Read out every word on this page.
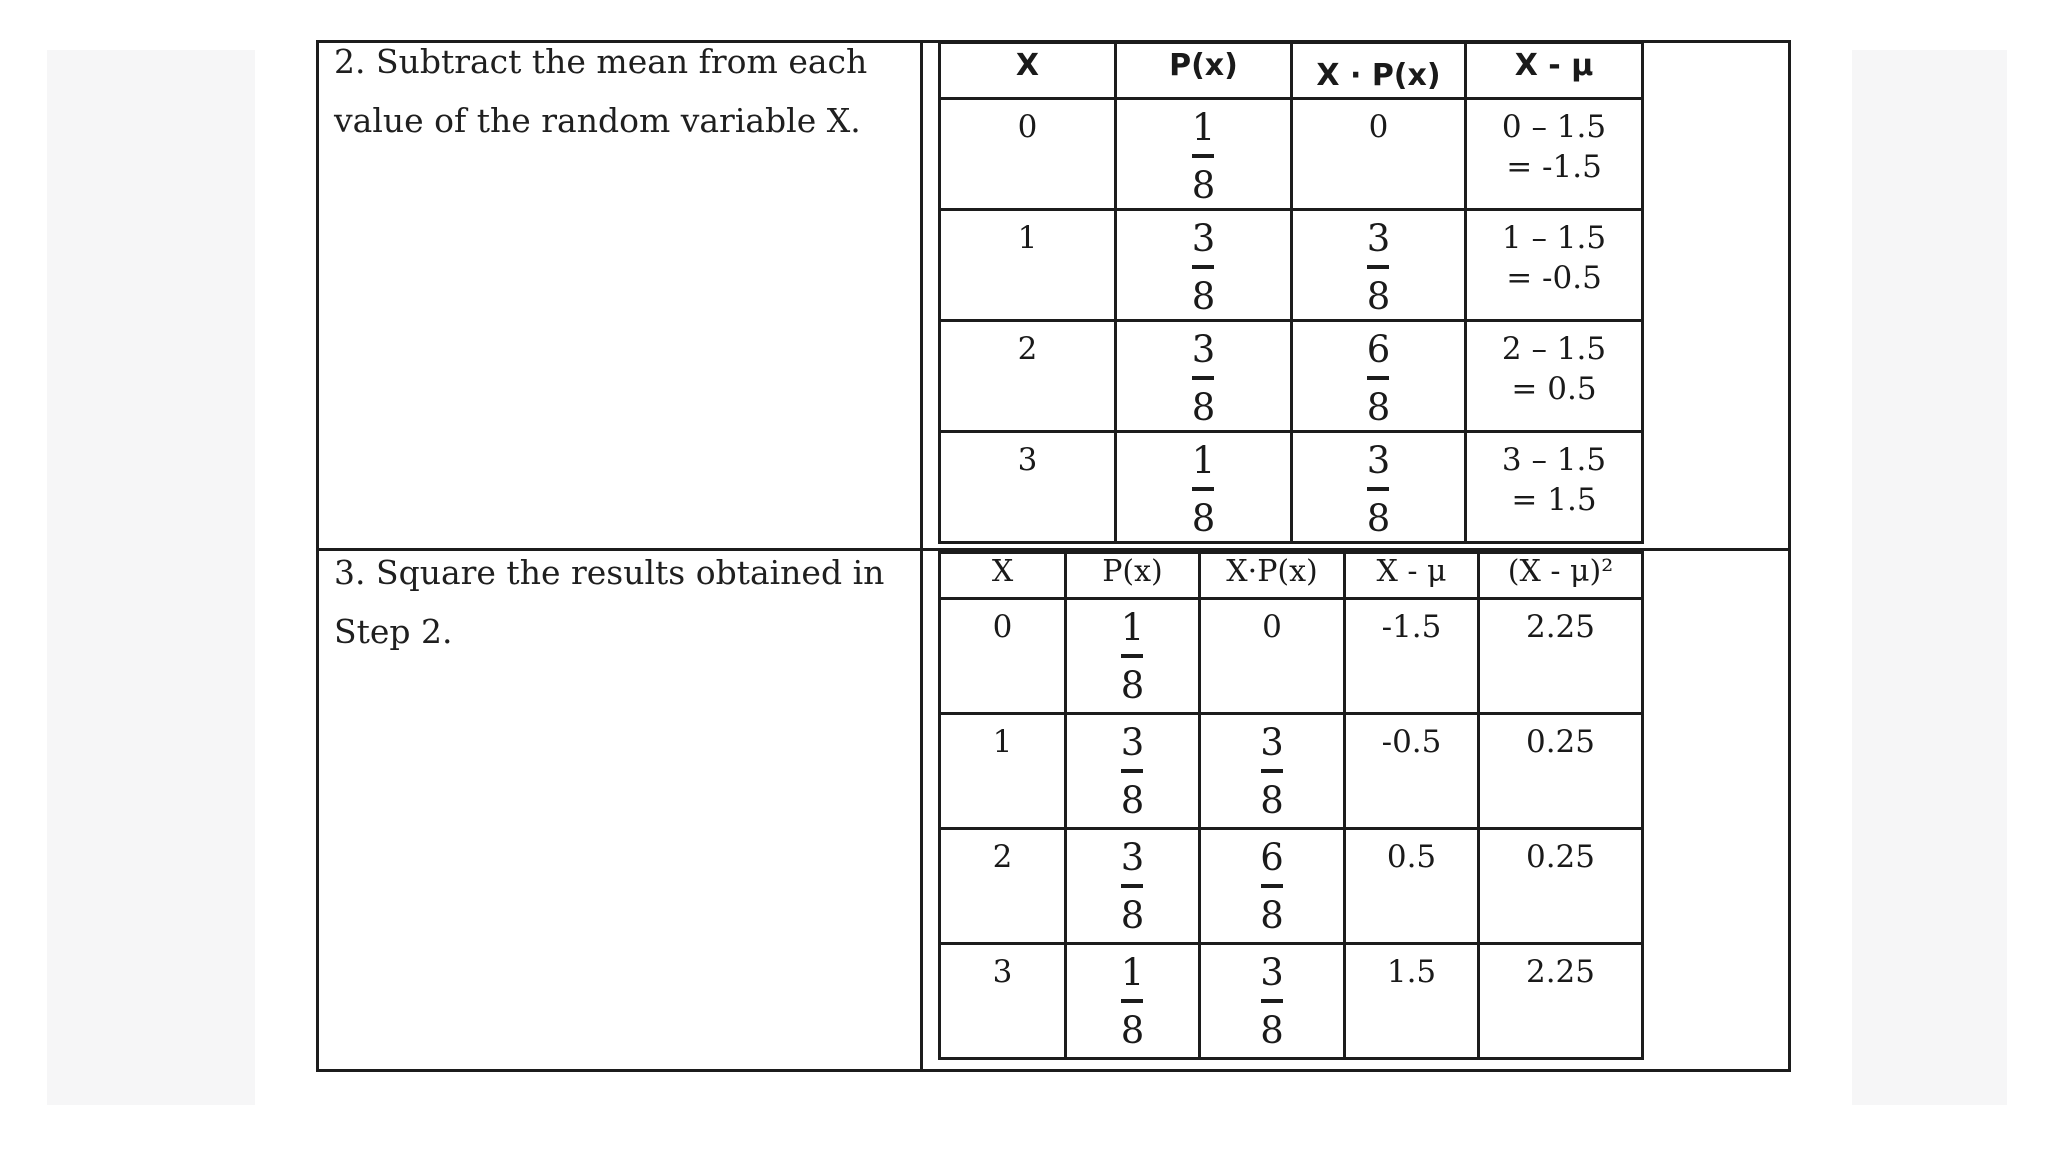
2. Subtract the mean from each value of the random variable X.

X	P(x)	X · P(x)	X - μ

0	$\frac{1}{8}$	0	0 – 1.5
= -1.5

1	$\frac{3}{8}$	$\frac{3}{8}$	1 – 1.5
= -0.5

2	$\frac{3}{8}$	$\frac{6}{8}$	2 – 1.5
= 0.5

3	$\frac{1}{8}$	$\frac{3}{8}$	3 – 1.5
= 1.5

3. Square the results obtained in Step 2.

X	P(x)	X·P(x)	X - μ	(X - μ)²

0	$\frac{1}{8}$	0	-1.5	2.25

1	$\frac{3}{8}$	$\frac{3}{8}$	-0.5	0.25

2	$\frac{3}{8}$	$\frac{6}{8}$	0.5	0.25

3	$\frac{1}{8}$	$\frac{3}{8}$	1.5	2.25
